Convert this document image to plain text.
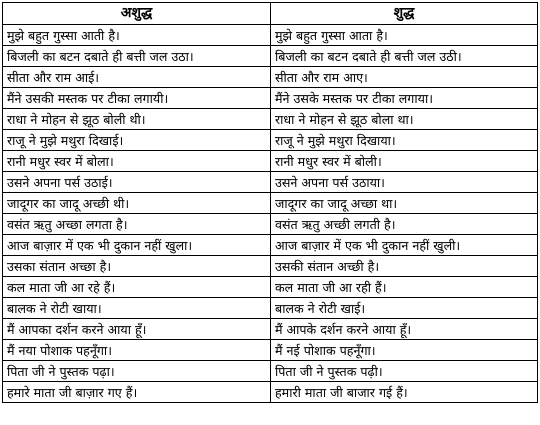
अशुद्ध	शुद्ध
मुझे बहुत गुस्सा आती है।	मुझे बहुत गुस्सा आता है।
बिजली का बटन दबाते ही बत्ती जल उठा।	बिजली का बटन दबाते ही बत्ती जल उठी।
सीता और राम आई।	सीता और राम आए।
मैंने उसकी मस्तक पर टीका लगायी।	मैंने उसके मस्तक पर टीका लगाया।
राधा ने मोहन से झूठ बोली थी।	राधा ने मोहन से झूठ बोला था।
राजू ने मुझे मथुरा दिखाई।	राजू ने मुझे मथुरा दिखाया।
रानी मधुर स्वर में बोला।	रानी मधुर स्वर में बोली।
उसने अपना पर्स उठाई।	उसने अपना पर्स उठाया।
जादूगर का जादू अच्छी थी।	जादूगर का जादू अच्छा था।
वसंत ऋतु अच्छा लगता है।	वसंत ऋतु अच्छी लगती है।
आज बाज़ार में एक भी दुकान नहीं खुला।	आज बाज़ार में एक भी दुकान नहीं खुली।
उसका संतान अच्छा है।	उसकी संतान अच्छी है।
कल माता जी आ रहे हैं।	कल माता जी आ रही हैं।
बालक ने रोटी खाया।	बालक ने रोटी खाई।
मैं आपका दर्शन करने आया हूँ।	मैं आपके दर्शन करने आया हूँ।
मैं नया पोशाक पहनूँगा।	मैं नई पोशाक पहनूँगा।
पिता जी ने पुस्तक पढ़ा।	पिता जी ने पुस्तक पढ़ी।
हमारे माता जी बाज़ार गए हैं।	हमारी माता जी बाजार गई हैं।
